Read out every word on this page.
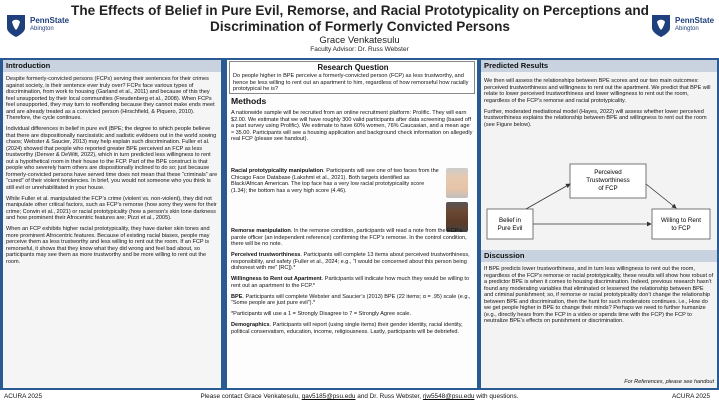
PennState
Abington
The Effects of Belief in Pure Evil, Remorse, and Racial Prototypicality on Perceptions and Discrimination of Formerly Convicted Persons
Grace Venkatesulu
Faculty Advisor: Dr. Russ Webster
PennState
Abington
Introduction

Despite formerly-convicted persons (FCPs) serving their sentences for their crimes against society, is their sentence ever truly over? FCPs face various types of discrimination, from work to housing (Garland et al., 2011) and because of this they feel unsupported by their local communities (Freudenberg et al., 2008). When FCPs feel unsupported, they may turn to reoffending because they cannot make ends meet and are already treated as a convicted person (Hirschfield, & Piquero, 2010). Therefore, the cycle continues.

Individual differences in belief in pure evil (BPE; the degree to which people believe that there are dispositionally narcissistic and sadistic evildoers out in the world sowing chaos; Webster & Saucier, 2013) may help explain such discrimination. Fuller et al. (2024) showed that people who reported greater BPE perceived an FCP as less trustworthy (Denver & DeWitt, 2022), which in turn predicted less willingness to rent out a hypothetical room in their house to the FCP. Part of the BPE construct is that people who severely harm others are dispositionally inclined to do so; just because formerly-convicted persons have served time does not mean that these “criminals” are “cured” of their violent tendencies. In brief, you would not someone who you think is still evil or unrehabilitated in your house.

While Fuller et al. manipulated the FCP’s crime (violent vs. non-violent), they did not manipulate other critical factors, such as FCP’s remorse (how sorry they were for their crime; Corwin et al., 2021) or racial prototypicality (how a person’s skin tone darkness and how prominent their Afrocentric features are; Pizzi et al., 2005).

When an FCP exhibits higher racial prototypicality, they have darker skin tones and more prominent Afrocentric features. Because of existing racial biases, people may perceive them as less trustworthy and less willing to rent out the room. If an FCP is remorseful, it shows that they know what they did wrong and feel bad about, so participants may see them as more trustworthy and be more willing to rent out the room.

Research Question
Do people higher in BPE perceive a formerly-convicted person (FCP) as less trustworthy, and hence be less willing to rent out an apartment to him, regardless of how remorseful how racially prototypical he is?
Methods

A nationwide sample will be recruited from an online recruitment platform: Prolific. They will earn $2.00. We estimate that we will have roughly 300 valid participants after data screening (based off a past survey using Prolific). We estimate to have 60% women, 76% Caucasian, and a mean age ≈ 35.00. Participants will see a housing application and background check information on allegedly real FCP (please see handout).

Racial prototypicality manipulation. Participants will see one of two faces from the Chicago Face Database (Lakshmi et al., 2021). Both targets identified as Black/African American. The top face has a very low racial prototypicality score (1.34); the bottom has a very high score (4.46).

Remorse manipulation. In the remorse condition, participants will read a note from the FCP’s parole officer (an independent reference) confirming the FCP’s remorse. In the control condition, there will be no note.

Perceived trustworthiness. Participants will complete 13 items about perceived trustworthiness, responsibility, and safety (Fuller et al., 2024; e.g., “I would be concerned about this person being dishonest with me” [RC]).*

Willingness to Rent out Apartment. Participants will indicate how much they would be willing to rent out an apartment to the FCP.*

BPE. Participants will complete Webster and Saucier’s (2013) BPE (22 items; α = .95) scale (e.g., “Some people are just pure evil”).*

*Participants will use a 1 = Strongly Disagree to 7 = Strongly Agree scale.

Demographics. Participants will report (using single items) their gender identity, racial identity, political conservatism, education, income, religiousness. Lastly, participants will be debriefed.

Predicted Results

We then will assess the relationships between BPE scores and our two main outcomes: perceived trustworthiness and willingness to rent out the apartment. We predict that BPE will relate to lower perceived trustworthiness and lower willingness to rent out the room, regardless of the FCP’s remorse and racial prototypicality.

Further, moderated mediational model (Hayes, 2022) will assess whether lower perceived trustworthiness explains the relationship between BPE and willingness to rent out the room (see Figure below).

Belief in Pure Evil
Perceived Trustworthiness of FCP
Willing to Rent to FCP
Discussion

If BPE predicts lower trustworthiness, and in turn less willingness to rent out the room, regardless of the FCP’s remorse or racial prototypicality, these results will show how robust of a predictor BPE is when it comes to housing discrimination. Indeed, previous research hasn’t found any moderating variables that eliminated or lessened the relationship between BPE and criminal punishment; so, if remorse or racial prototypicality don’t change the relationship between BPE and discrimination, then the hunt for such moderators continues. i.e., How do we get people higher in BPE to change their minds? Perhaps we need to further humanize (e.g., directly hears from the FCP in a video or spends time with the FCP) the FCP to neutralize BPE’s effects on punishment or discrimination.

For References, please see handout
ACURA 2025	Please contact Grace Venkatesulu, gav5185@psu.edu and Dr. Russ Webster, rjw5548@psu.edu with questions.	ACURA 2025
